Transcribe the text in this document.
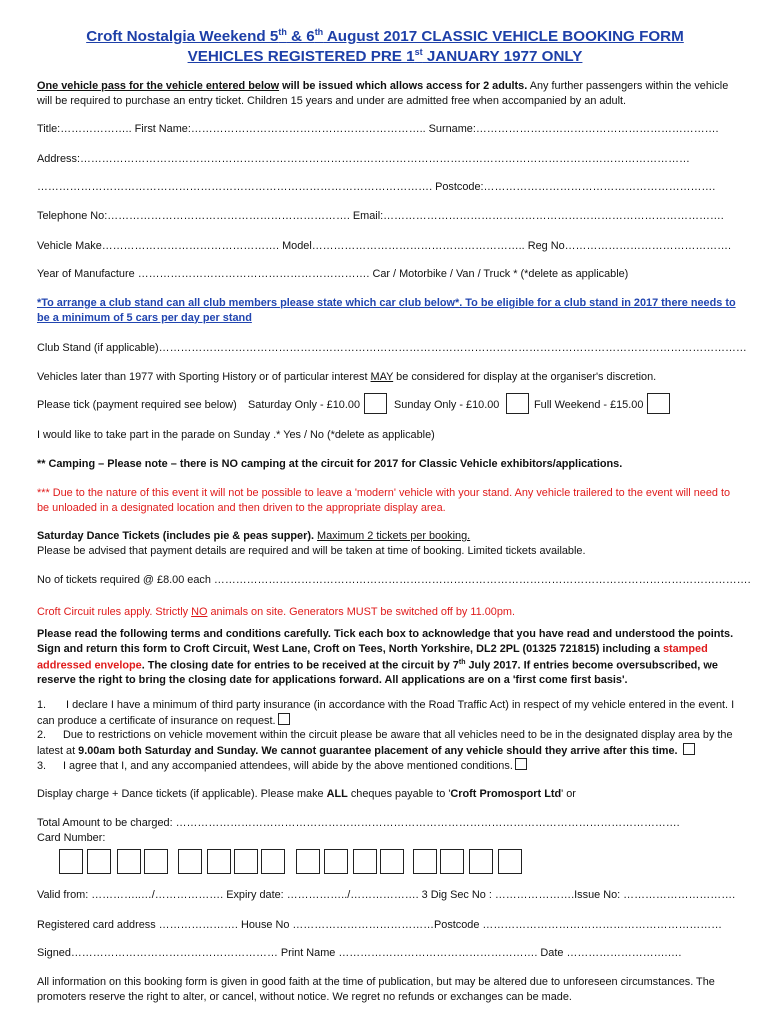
Croft Nostalgia Weekend 5th & 6th August 2017 CLASSIC VEHICLE BOOKING FORM
VEHICLES REGISTERED PRE 1st JANUARY 1977 ONLY
One vehicle pass for the vehicle entered below will be issued which allows access for 2 adults. Any further passengers within the vehicle will be required to purchase an entry ticket. Children 15 years and under are admitted free when accompanied by an adult.
Title:……………….. First Name:……………………………………………………….. Surname:………………………………………………………….
Address:……………………………………………………………………………………………………………………………………………………
………………………………………………………………………………………………. Postcode:……………………………………………………….
Telephone No:…………………………………………………………. Email:………………………………………………………………………………….
Vehicle Make…………………………………………. Model………………………………………………….. Reg No……………………………………….
Year of Manufacture ………………………………………………………. Car / Motorbike / Van / Truck * (*delete as applicable)
*To arrange a club stand can all club members please state which car club below*. To be eligible for a club stand in 2017 there needs to be a minimum of 5 cars per day per stand
Club Stand (if applicable)………………………………………………………………………………………………………………………………………………
Vehicles later than 1977 with Sporting History or of particular interest MAY be considered for display at the organiser's discretion.
Please tick (payment required see below) Saturday Only - £10.00	Sunday Only - £10.00	Full Weekend - £15.00
I would like to take part in the parade on Sunday .* Yes / No (*delete as applicable)
** Camping – Please note – there is NO camping at the circuit for 2017 for Classic Vehicle exhibitors/applications.
*** Due to the nature of this event it will not be possible to leave a 'modern' vehicle with your stand. Any vehicle trailered to the event will need to be unloaded in a designated location and then driven to the appropriate display area.
Saturday Dance Tickets (includes pie & peas supper). Maximum 2 tickets per booking.
Please be advised that payment details are required and will be taken at time of booking. Limited tickets available.
No of tickets required @ £8.00 each ………………………………………………………………………………………………………………………………….
Croft Circuit rules apply. Strictly NO animals on site. Generators MUST be switched off by 11.00pm.
Please read the following terms and conditions carefully. Tick each box to acknowledge that you have read and understood the points. Sign and return this form to Croft Circuit, West Lane, Croft on Tees, North Yorkshire, DL2 2PL (01325 721815) including a stamped addressed envelope. The closing date for entries to be received at the circuit by 7th July 2017. If entries become oversubscribed, we reserve the right to bring the closing date for applications forward. All applications are on a 'first come first basis'.
1. I declare I have a minimum of third party insurance (in accordance with the Road Traffic Act) in respect of my vehicle entered in the event. I can produce a certificate of insurance on request.
2. Due to restrictions on vehicle movement within the circuit please be aware that all vehicles need to be in the designated display area by the latest at 9.00am both Saturday and Sunday. We cannot guarantee placement of any vehicle should they arrive after this time.
3. I agree that I, and any accompanied attendees, will abide by the above mentioned conditions.
Display charge + Dance tickets (if applicable). Please make ALL cheques payable to 'Croft Promosport Ltd' or
Total Amount to be charged: ………………………………………………………………………………………………………………………….
Card Number:
Valid from: …………..…/………………. Expiry date: ……………../………………. 3 Dig Sec No : ………………….Issue No: ………………………….
Registered card address …………………. House No …………………………………Postcode …………………………………………………………
Signed………………………………………………… Print Name ………………………………………………. Date ……………………….….
All information on this booking form is given in good faith at the time of publication, but may be altered due to unforeseen circumstances. The promoters reserve the right to alter, or cancel, without notice. We regret no refunds or exchanges can be made.
